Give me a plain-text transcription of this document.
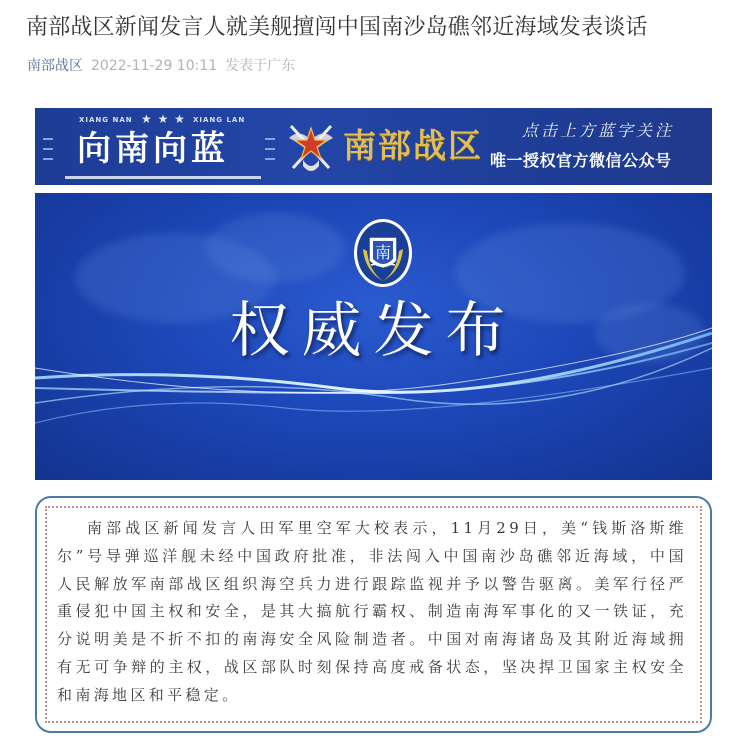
南部战区新闻发言人就美舰擅闯中国南沙岛礁邻近海域发表谈话
南部战区 2022-11-29 10:11 发表于广东
XIANG NAN ★ ★ ★ XIANG LAN
向南向蓝	南部战区 点击上方蓝字关注
唯一授权官方微信公众号
南
权威发布

南部战区新闻发言人田军里空军大校表示，11月29日，美“钱斯洛斯维尔”号导弹巡洋舰未经中国政府批准，非法闯入中国南沙岛礁邻近海域，中国人民解放军南部战区组织海空兵力进行跟踪监视并予以警告驱离。美军行径严重侵犯中国主权和安全，是其大搞航行霸权、制造南海军事化的又一铁证，充分说明美是不折不扣的南海安全风险制造者。中国对南海诸岛及其附近海域拥有无可争辩的主权，战区部队时刻保持高度戒备状态，坚决捍卫国家主权安全和南海地区和平稳定。
